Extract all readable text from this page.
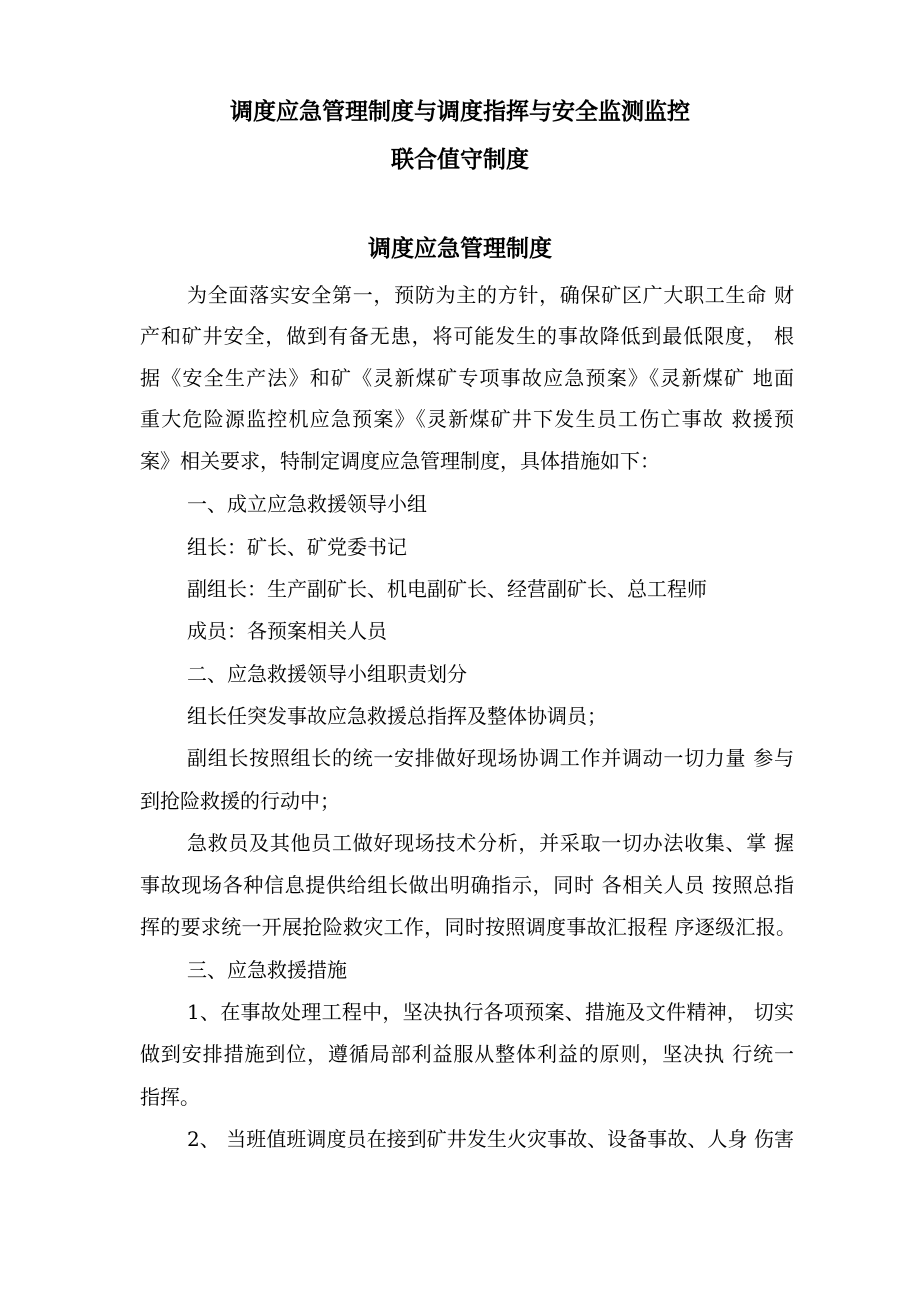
调度应急管理制度与调度指挥与安全监测监控
联合值守制度
调度应急管理制度
为全面落实安全第一，预防为主的方针，确保矿区广大职工生命 财
产和矿井安全，做到有备无患，将可能发生的事故降低到最低限度， 根
据《安全生产法》和矿《灵新煤矿专项事故应急预案》《灵新煤矿 地面
重大危险源监控机应急预案》《灵新煤矿井下发生员工伤亡事故 救援预
案》相关要求，特制定调度应急管理制度，具体措施如下：
一、成立应急救援领导小组
组长：矿长、矿党委书记
副组长：生产副矿长、机电副矿长、经营副矿长、总工程师
成员：各预案相关人员
二、应急救援领导小组职责划分
组长任突发事故应急救援总指挥及整体协调员；
副组长按照组长的统一安排做好现场协调工作并调动一切力量 参与
到抢险救援的行动中；
急救员及其他员工做好现场技术分析，并采取一切办法收集、掌 握
事故现场各种信息提供给组长做出明确指示，同时 各相关人员 按照总指
挥的要求统一开展抢险救灾工作，同时按照调度事故汇报程 序逐级汇报。
三、应急救援措施
1、在事故处理工程中，坚决执行各项预案、措施及文件精神， 切实
做到安排措施到位，遵循局部利益服从整体利益的原则，坚决执 行统一
指挥。
2、 当班值班调度员在接到矿井发生火灾事故、设备事故、人身 伤害
